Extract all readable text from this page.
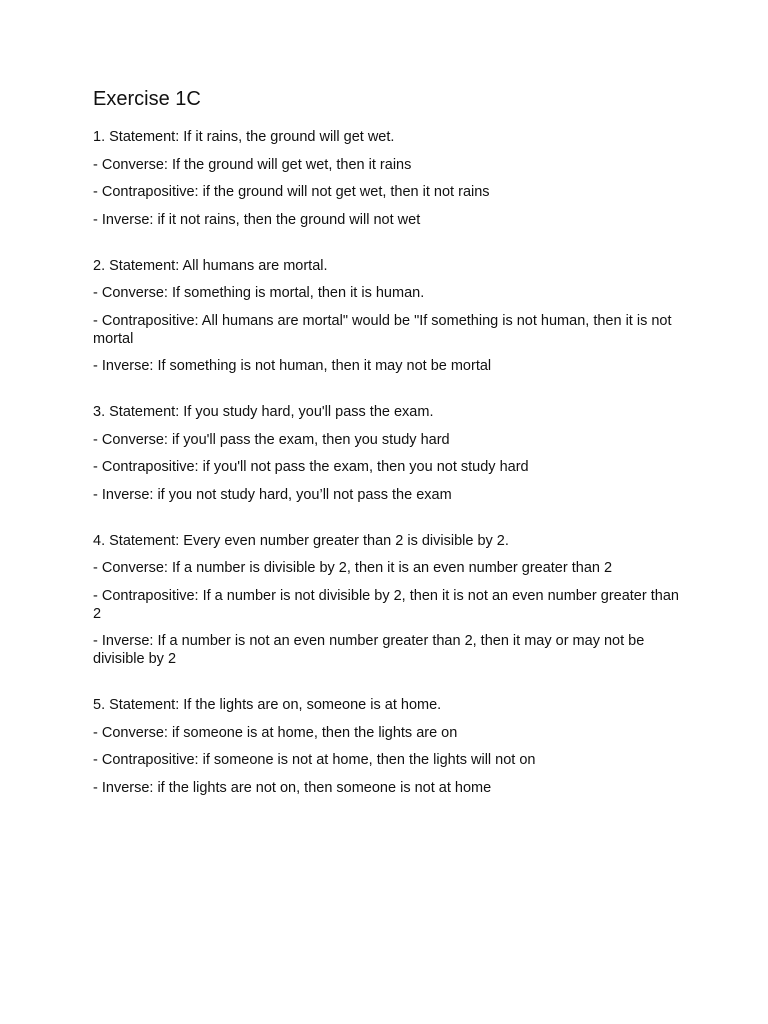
Exercise 1C
1. Statement: If it rains, the ground will get wet.
- Converse: If the ground will get wet, then it rains
- Contrapositive: if the ground will not get wet, then it not rains
- Inverse: if it not rains, then the ground will not wet
2. Statement: All humans are mortal.
- Converse: If something is mortal, then it is human.
- Contrapositive: All humans are mortal" would be "If something is not human, then it is not mortal
- Inverse: If something is not human, then it may not be mortal
3. Statement: If you study hard, you'll pass the exam.
- Converse: if you'll pass the exam, then you study hard
- Contrapositive: if you'll not pass the exam, then you not study hard
- Inverse: if you not study hard, you’ll not pass the exam
4. Statement: Every even number greater than 2 is divisible by 2.
- Converse: If a number is divisible by 2, then it is an even number greater than 2
- Contrapositive: If a number is not divisible by 2, then it is not an even number greater than 2
- Inverse: If a number is not an even number greater than 2, then it may or may not be divisible by 2
5. Statement: If the lights are on, someone is at home.
- Converse: if someone is at home, then the lights are on
- Contrapositive: if someone is not at home, then the lights will not on
- Inverse: if the lights are not on, then someone is not at home
